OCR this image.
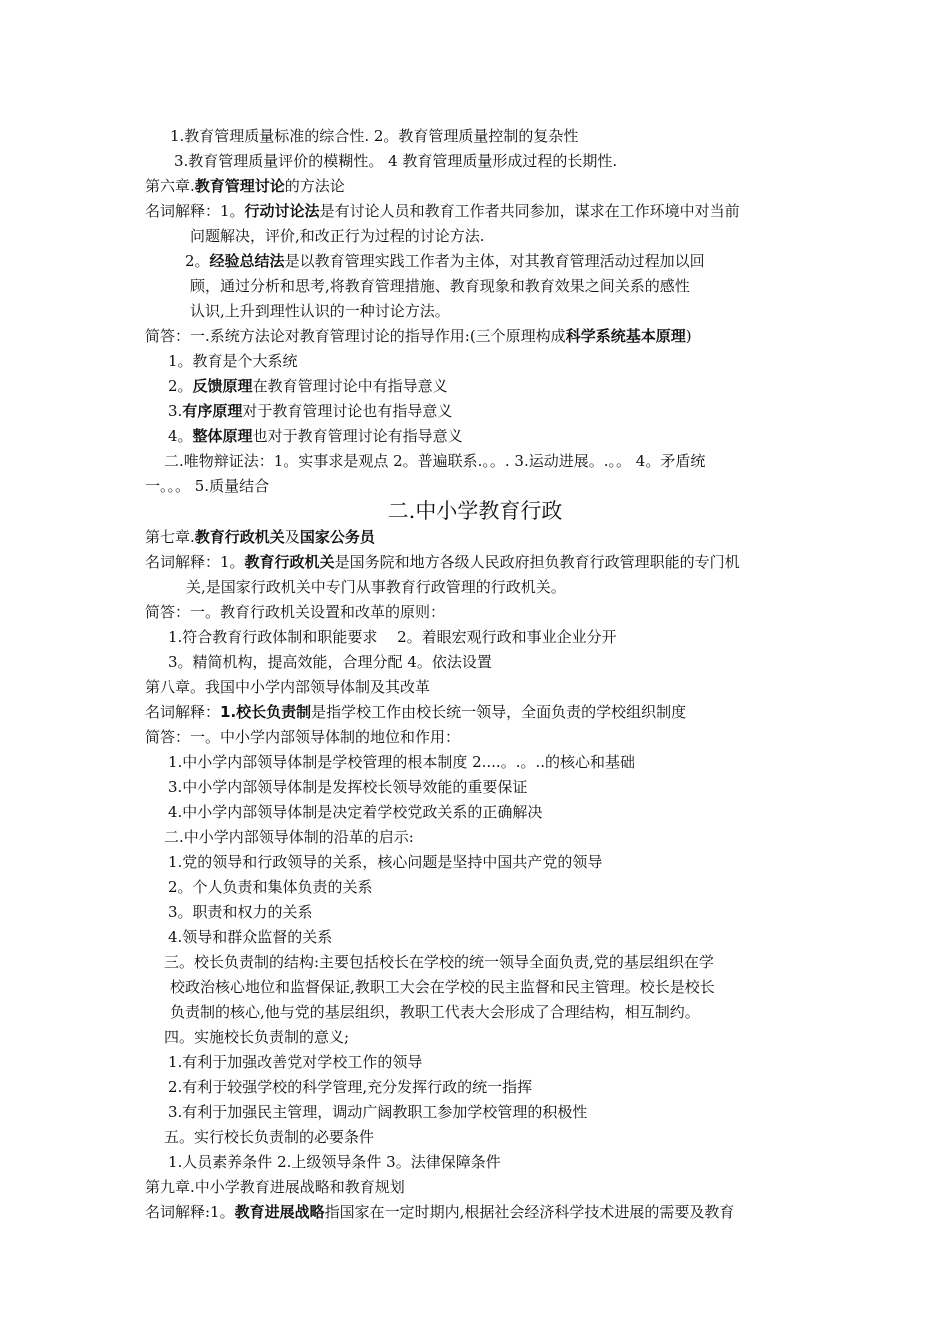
二.中小学教育行政
1.教育管理质量标准的综合性. 2。教育管理质量控制的复杂性
3.教育管理质量评价的模糊性。 4 教育管理质量形成过程的长期性.
第六章.教育管理讨论的方法论
名词解释：1。行动讨论法是有讨论人员和教育工作者共同参加，谋求在工作环境中对当前
问题解决，评价,和改正行为过程的讨论方法.
2。经验总结法是以教育管理实践工作者为主体，对其教育管理活动过程加以回
顾，通过分析和思考,将教育管理措施、教育现象和教育效果之间关系的感性
认识,上升到理性认识的一种讨论方法。
简答：一.系统方法论对教育管理讨论的指导作用:(三个原理构成科学系统基本原理)
1。教育是个大系统
2。反馈原理在教育管理讨论中有指导意义
3.有序原理对于教育管理讨论也有指导意义
4。整体原理也对于教育管理讨论有指导意义
二.唯物辩证法：1。实事求是观点 2。普遍联系.。。. 3.运动进展。.。。 4。矛盾统
一。。。 5.质量结合
第七章.教育行政机关及国家公务员
名词解释：1。教育行政机关是国务院和地方各级人民政府担负教育行政管理职能的专门机
关,是国家行政机关中专门从事教育行政管理的行政机关。
简答：一。教育行政机关设置和改革的原则：
1.符合教育行政体制和职能要求　 2。着眼宏观行政和事业企业分开
3。精简机构，提高效能，合理分配 4。依法设置
第八章。我国中小学内部领导体制及其改革
名词解释：1.校长负责制是指学校工作由校长统一领导，全面负责的学校组织制度
简答：一。中小学内部领导体制的地位和作用：
1.中小学内部领导体制是学校管理的根本制度 2....。.。..的核心和基础
3.中小学内部领导体制是发挥校长领导效能的重要保证
4.中小学内部领导体制是决定着学校党政关系的正确解决
二.中小学内部领导体制的沿革的启示:
1.党的领导和行政领导的关系，核心问题是坚持中国共产党的领导
2。个人负责和集体负责的关系
3。职责和权力的关系
4.领导和群众监督的关系
三。校长负责制的结构:主要包括校长在学校的统一领导全面负责,党的基层组织在学
校政治核心地位和监督保证,教职工大会在学校的民主监督和民主管理。校长是校长
负责制的核心,他与党的基层组织，教职工代表大会形成了合理结构，相互制约。
四。实施校长负责制的意义;
1.有利于加强改善党对学校工作的领导
2.有利于较强学校的科学管理,充分发挥行政的统一指挥
3.有利于加强民主管理，调动广阔教职工参加学校管理的积极性
五。实行校长负责制的必要条件
1.人员素养条件 2.上级领导条件 3。法律保障条件
第九章.中小学教育进展战略和教育规划
名词解释:1。教育进展战略指国家在一定时期内,根据社会经济科学技术进展的需要及教育
